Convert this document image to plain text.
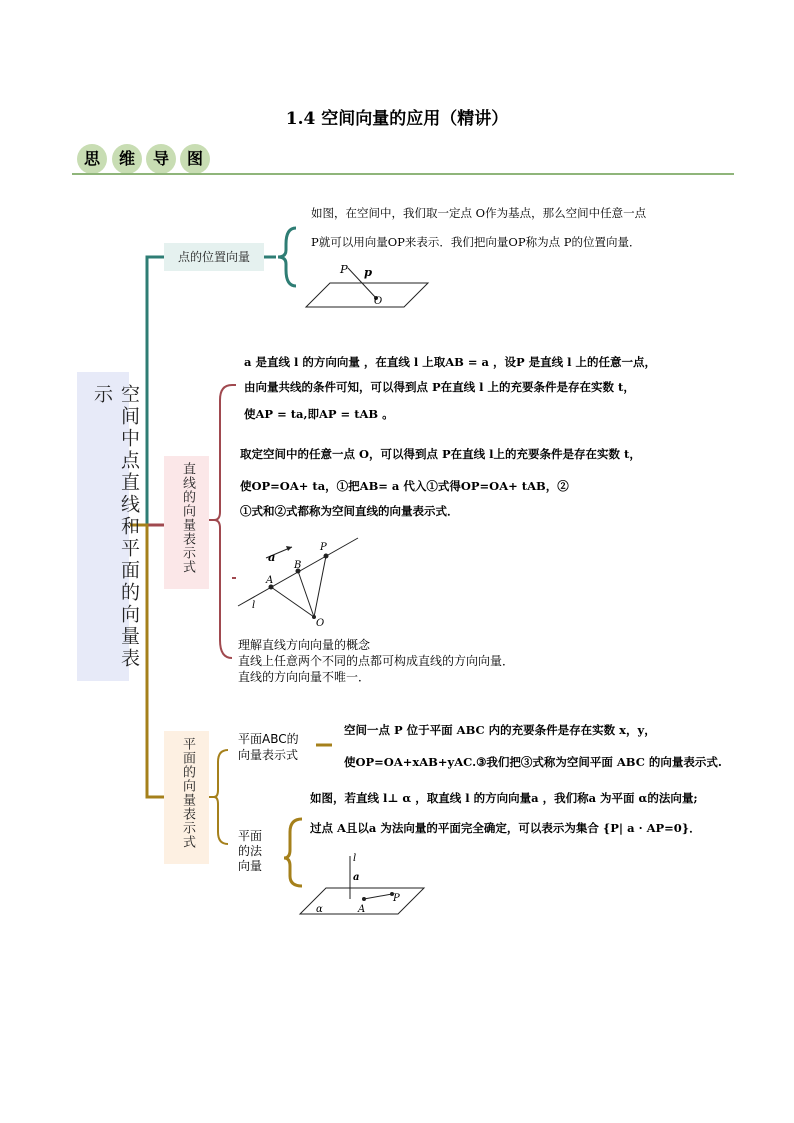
1.4 空间向量的应用（精讲）
思	维	导	图
空间中点直线和平面的向量表示
点的位置向量
如图，在空间中，我们取一定点 O作为基点，那么空间中任意一点
P就可以用向量OP来表示．我们把向量OP称为点 P的位置向量．
P p
O
直线的向量表示式
a 是直线 l 的方向向量 ，在直线 l 上取AB = a ，设P 是直线 l 上的任意一点，
由向量共线的条件可知，可以得到点 P在直线 l 上的充要条件是存在实数 t，
使AP = ta,即AP = tAB 。
取定空间中的任意一点 O，可以得到点 P在直线 l上的充要条件是存在实数 t，
使OP=OA+ ta，①把AB= a 代入①式得OP=OA+ tAB，②
①式和②式都称为空间直线的向量表示式．
a
P
B
A
l
O
理解直线方向向量的概念
直线上任意两个不同的点都可构成直线的方向向量．
直线的方向向量不唯一．
平面的向量表示式	平面ABC的
向量表示式
空间一点 P 位于平面 ABC 内的充要条件是存在实数 x，y，
使OP=OA+xAB+yAC.③我们把③式称为空间平面 ABC 的向量表示式.
平面
的法
向量
如图，若直线 l⊥ α ，取直线 l 的方向向量a ，我们称a 为平面 α的法向量;
过点 A且以a 为法向量的平面完全确定，可以表示为集合 {P| a · AP=0}．
l
a
P
A
α
